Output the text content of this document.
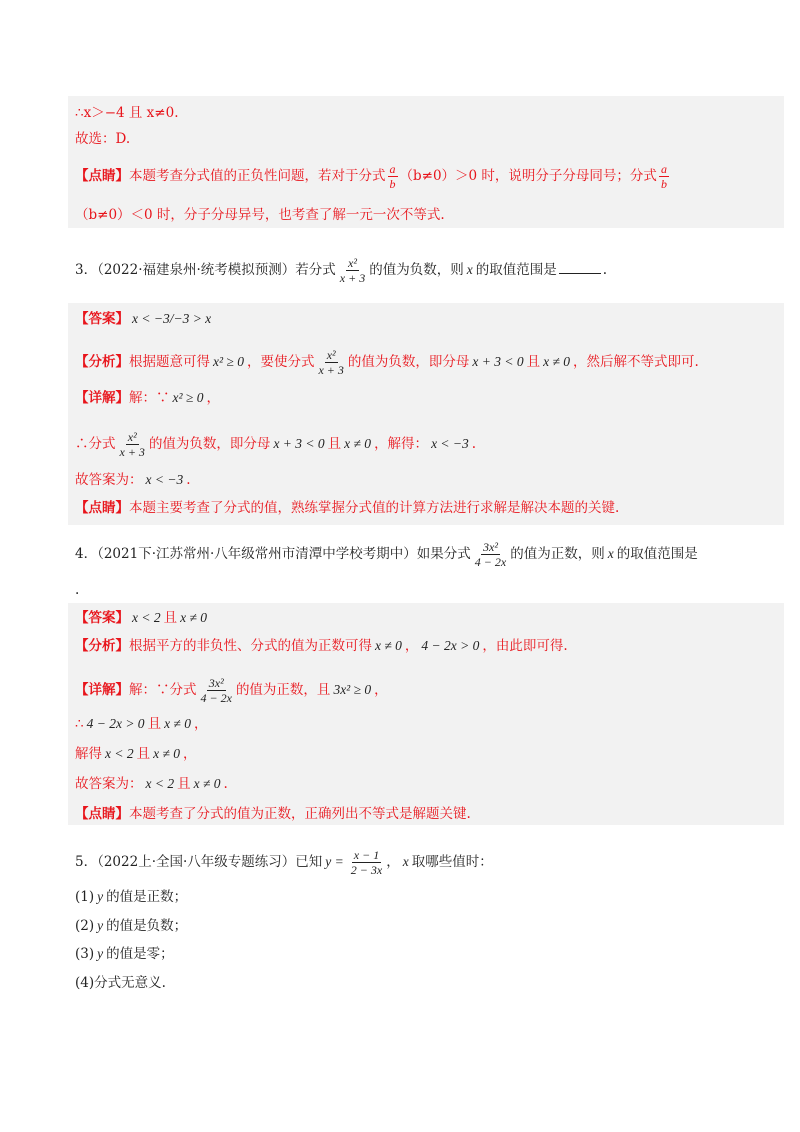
∴x＞−4 且 x≠0.
故选：D.
【点睛】本题考查分式值的正负性问题，若对于分式 $\frac{a}{b} (b\ne 0)>0$ 时，说明分子分母同号；分式 $\frac{a}{b}$
（b≠0）＜0 时，分子分母异号，也考查了解一元一次不等式.
3．（2022·福建泉州·统考模拟预测）若分式 $\frac{\text{x²}}{x + 3}$ 的值为负数，则 x 的取值范围是	.
【答案】 x < −3/−3 > x
【分析】根据题意可得 x² ≥ 0 ，要使分式 $\frac{\text{x²}}{x + 3}$ 的值为负数，即分母 x + 3 < 0 且 x ≠ 0 ，然后解不等式即可.
【详解】解：∵ x² ≥ 0 ，
∴分式 $\frac{\text{x²}}{x + 3}$ 的值为负数，即分母 x + 3 < 0 且 x ≠ 0 ，解得： x < −3 .
故答案为： x < −3 .
【点睛】本题主要考查了分式的值，熟练掌握分式值的计算方法进行求解是解决本题的关键.
4．（2021下·江苏常州·八年级常州市清潭中学校考期中）如果分式 $\frac{\text{3x²}}{4 - 2x}$ 的值为正数，则 x 的取值范围是
.
【答案】 x < 2 且 x ≠ 0
【分析】根据平方的非负性、分式的值为正数可得 x ≠ 0 ， 4 − 2x > 0 ，由此即可得.
【详解】解：∵分式 $\frac{\text{3x²}}{4 - 2x}$ 的值为正数，且 3x² ≥ 0 ，
∴ 4 − 2x > 0 且 x ≠ 0 ，
解得 x < 2 且 x ≠ 0 ，
故答案为： x < 2 且 x ≠ 0 .
【点睛】本题考查了分式的值为正数，正确列出不等式是解题关键.
5．（2022上·全国·八年级专题练习）已知 $y = \frac{x - 1}{2 - 3x}$ ， x 取哪些值时：
(1) y 的值是正数；
(2) y 的值是负数；
(3) y 的值是零；
(4)分式无意义.
